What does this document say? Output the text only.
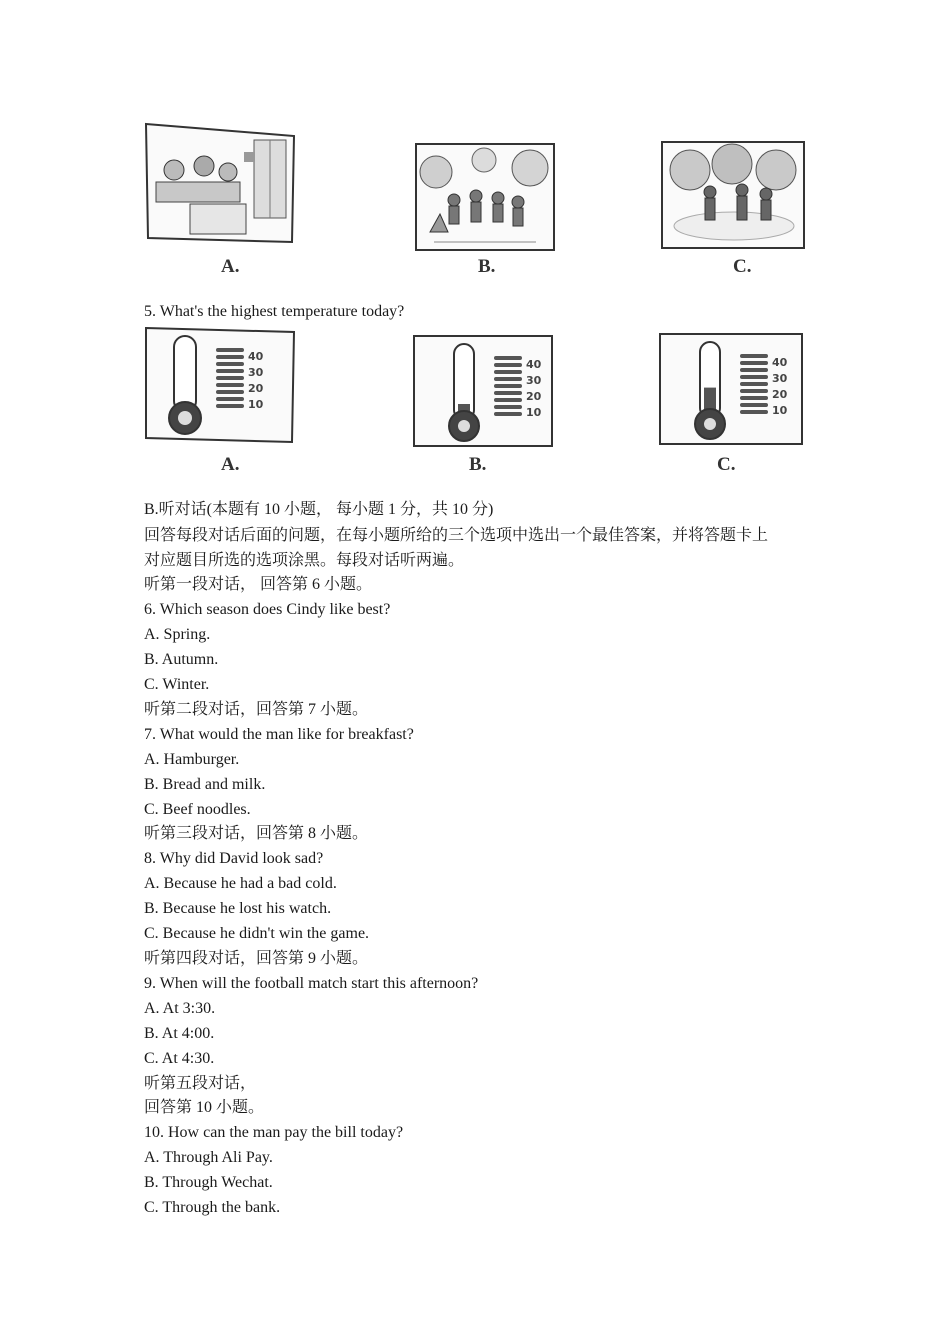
A.	B.	C.
5. What's the highest temperature today?
40
30
20
10
A.
40
30
20
10
B.
40
30
20
10
C.
B.听对话(本题有 10 小题， 每小题 1 分，共 10 分)
回答每段对话后面的问题，在每小题所给的三个选项中选出一个最佳答案，并将答题卡上
对应题目所选的选项涂黑。每段对话听两遍。
听第一段对话， 回答第 6 小题。
6. Which season does Cindy like best?
A. Spring.
B. Autumn.
C. Winter.
听第二段对话，回答第 7 小题。
7. What would the man like for breakfast?
A. Hamburger.
B. Bread and milk.
C. Beef noodles.
听第三段对话，回答第 8 小题。
8. Why did David look sad?
A. Because he had a bad cold.
B. Because he lost his watch.
C. Because he didn't win the game.
听第四段对话，回答第 9 小题。
9. When will the football match start this afternoon?
A. At 3:30.
B. At 4:00.
C. At 4:30.
听第五段对话，
回答第 10 小题。
10. How can the man pay the bill today?
A. Through Ali Pay.
B. Through Wechat.
C. Through the bank.
